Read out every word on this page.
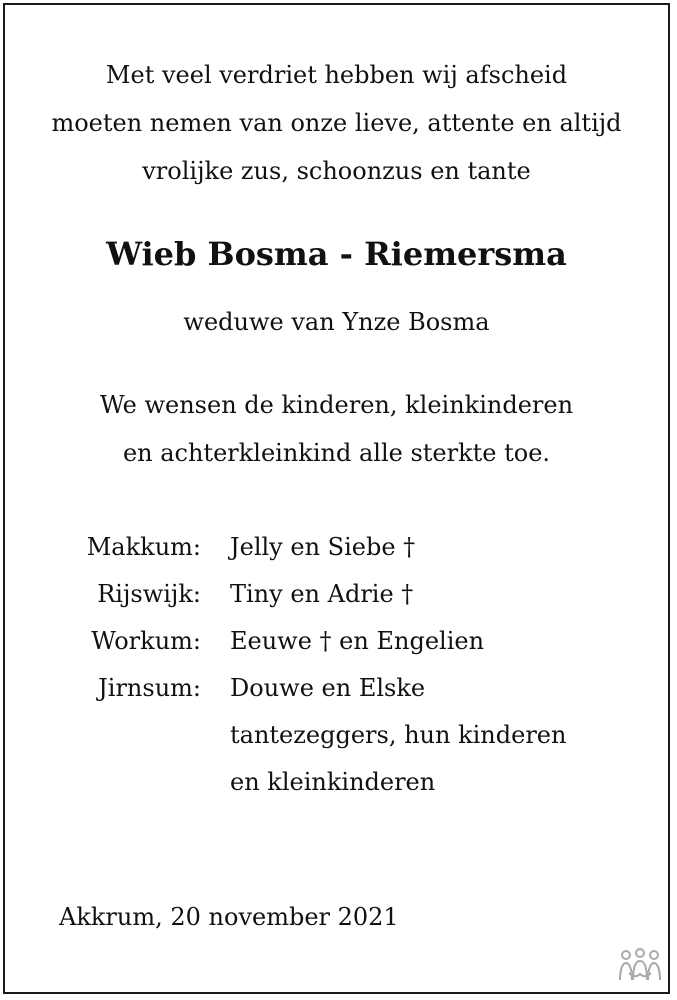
Met veel verdriet hebben wij afscheid
moeten nemen van onze lieve, attente en altijd
vrolijke zus, schoonzus en tante
Wieb Bosma - Riemersma
weduwe van Ynze Bosma
We wensen de kinderen, kleinkinderen
en achterkleinkind alle sterkte toe.
Makkum: Jelly en Siebe †
Rijswijk: Tiny en Adrie †
Workum: Eeuwe † en Engelien
Jirnsum: Douwe en Elske
tantezeggers, hun kinderen
en kleinkinderen
Akkrum, 20 november 2021
